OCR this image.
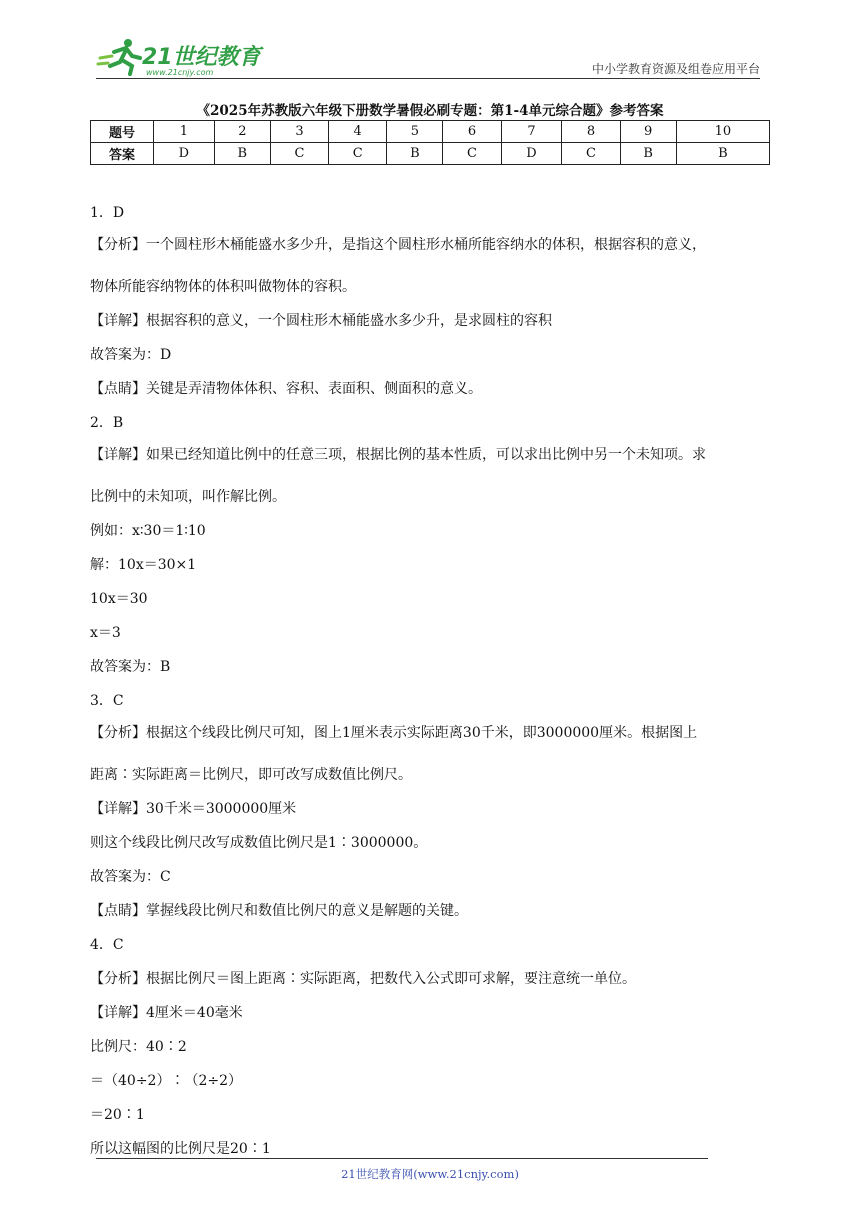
21世纪教育
www.21cnjy.com	中小学教育资源及组卷应用平台
《2025年苏教版六年级下册数学暑假必刷专题：第1-4单元综合题》参考答案
题号	1	2	3	4	5	6	7	8	9	10
答案	D	B	C	C	B	C	D	C	B	B
1．D
【分析】一个圆柱形木桶能盛水多少升，是指这个圆柱形水桶所能容纳水的体积，根据容积的意义，
物体所能容纳物体的体积叫做物体的容积。
【详解】根据容积的意义，一个圆柱形木桶能盛水多少升，是求圆柱的容积
故答案为：D
【点睛】关键是弄清物体体积、容积、表面积、侧面积的意义。
2．B
【详解】如果已经知道比例中的任意三项，根据比例的基本性质，可以求出比例中另一个未知项。求
比例中的未知项，叫作解比例。
例如：x∶30＝1∶10
解：10x＝30×1
10x＝30
x＝3
故答案为：B
3．C
【分析】根据这个线段比例尺可知，图上1厘米表示实际距离30千米，即3000000厘米。根据图上
距离∶实际距离＝比例尺，即可改写成数值比例尺。
【详解】30千米＝3000000厘米
则这个线段比例尺改写成数值比例尺是1∶3000000。
故答案为：C
【点睛】掌握线段比例尺和数值比例尺的意义是解题的关键。
4．C
【分析】根据比例尺＝图上距离∶实际距离，把数代入公式即可求解，要注意统一单位。
【详解】4厘米＝40毫米
比例尺：40∶2
＝（40÷2）∶（2÷2）
＝20∶1
所以这幅图的比例尺是20∶1
21世纪教育网(www.21cnjy.com)
